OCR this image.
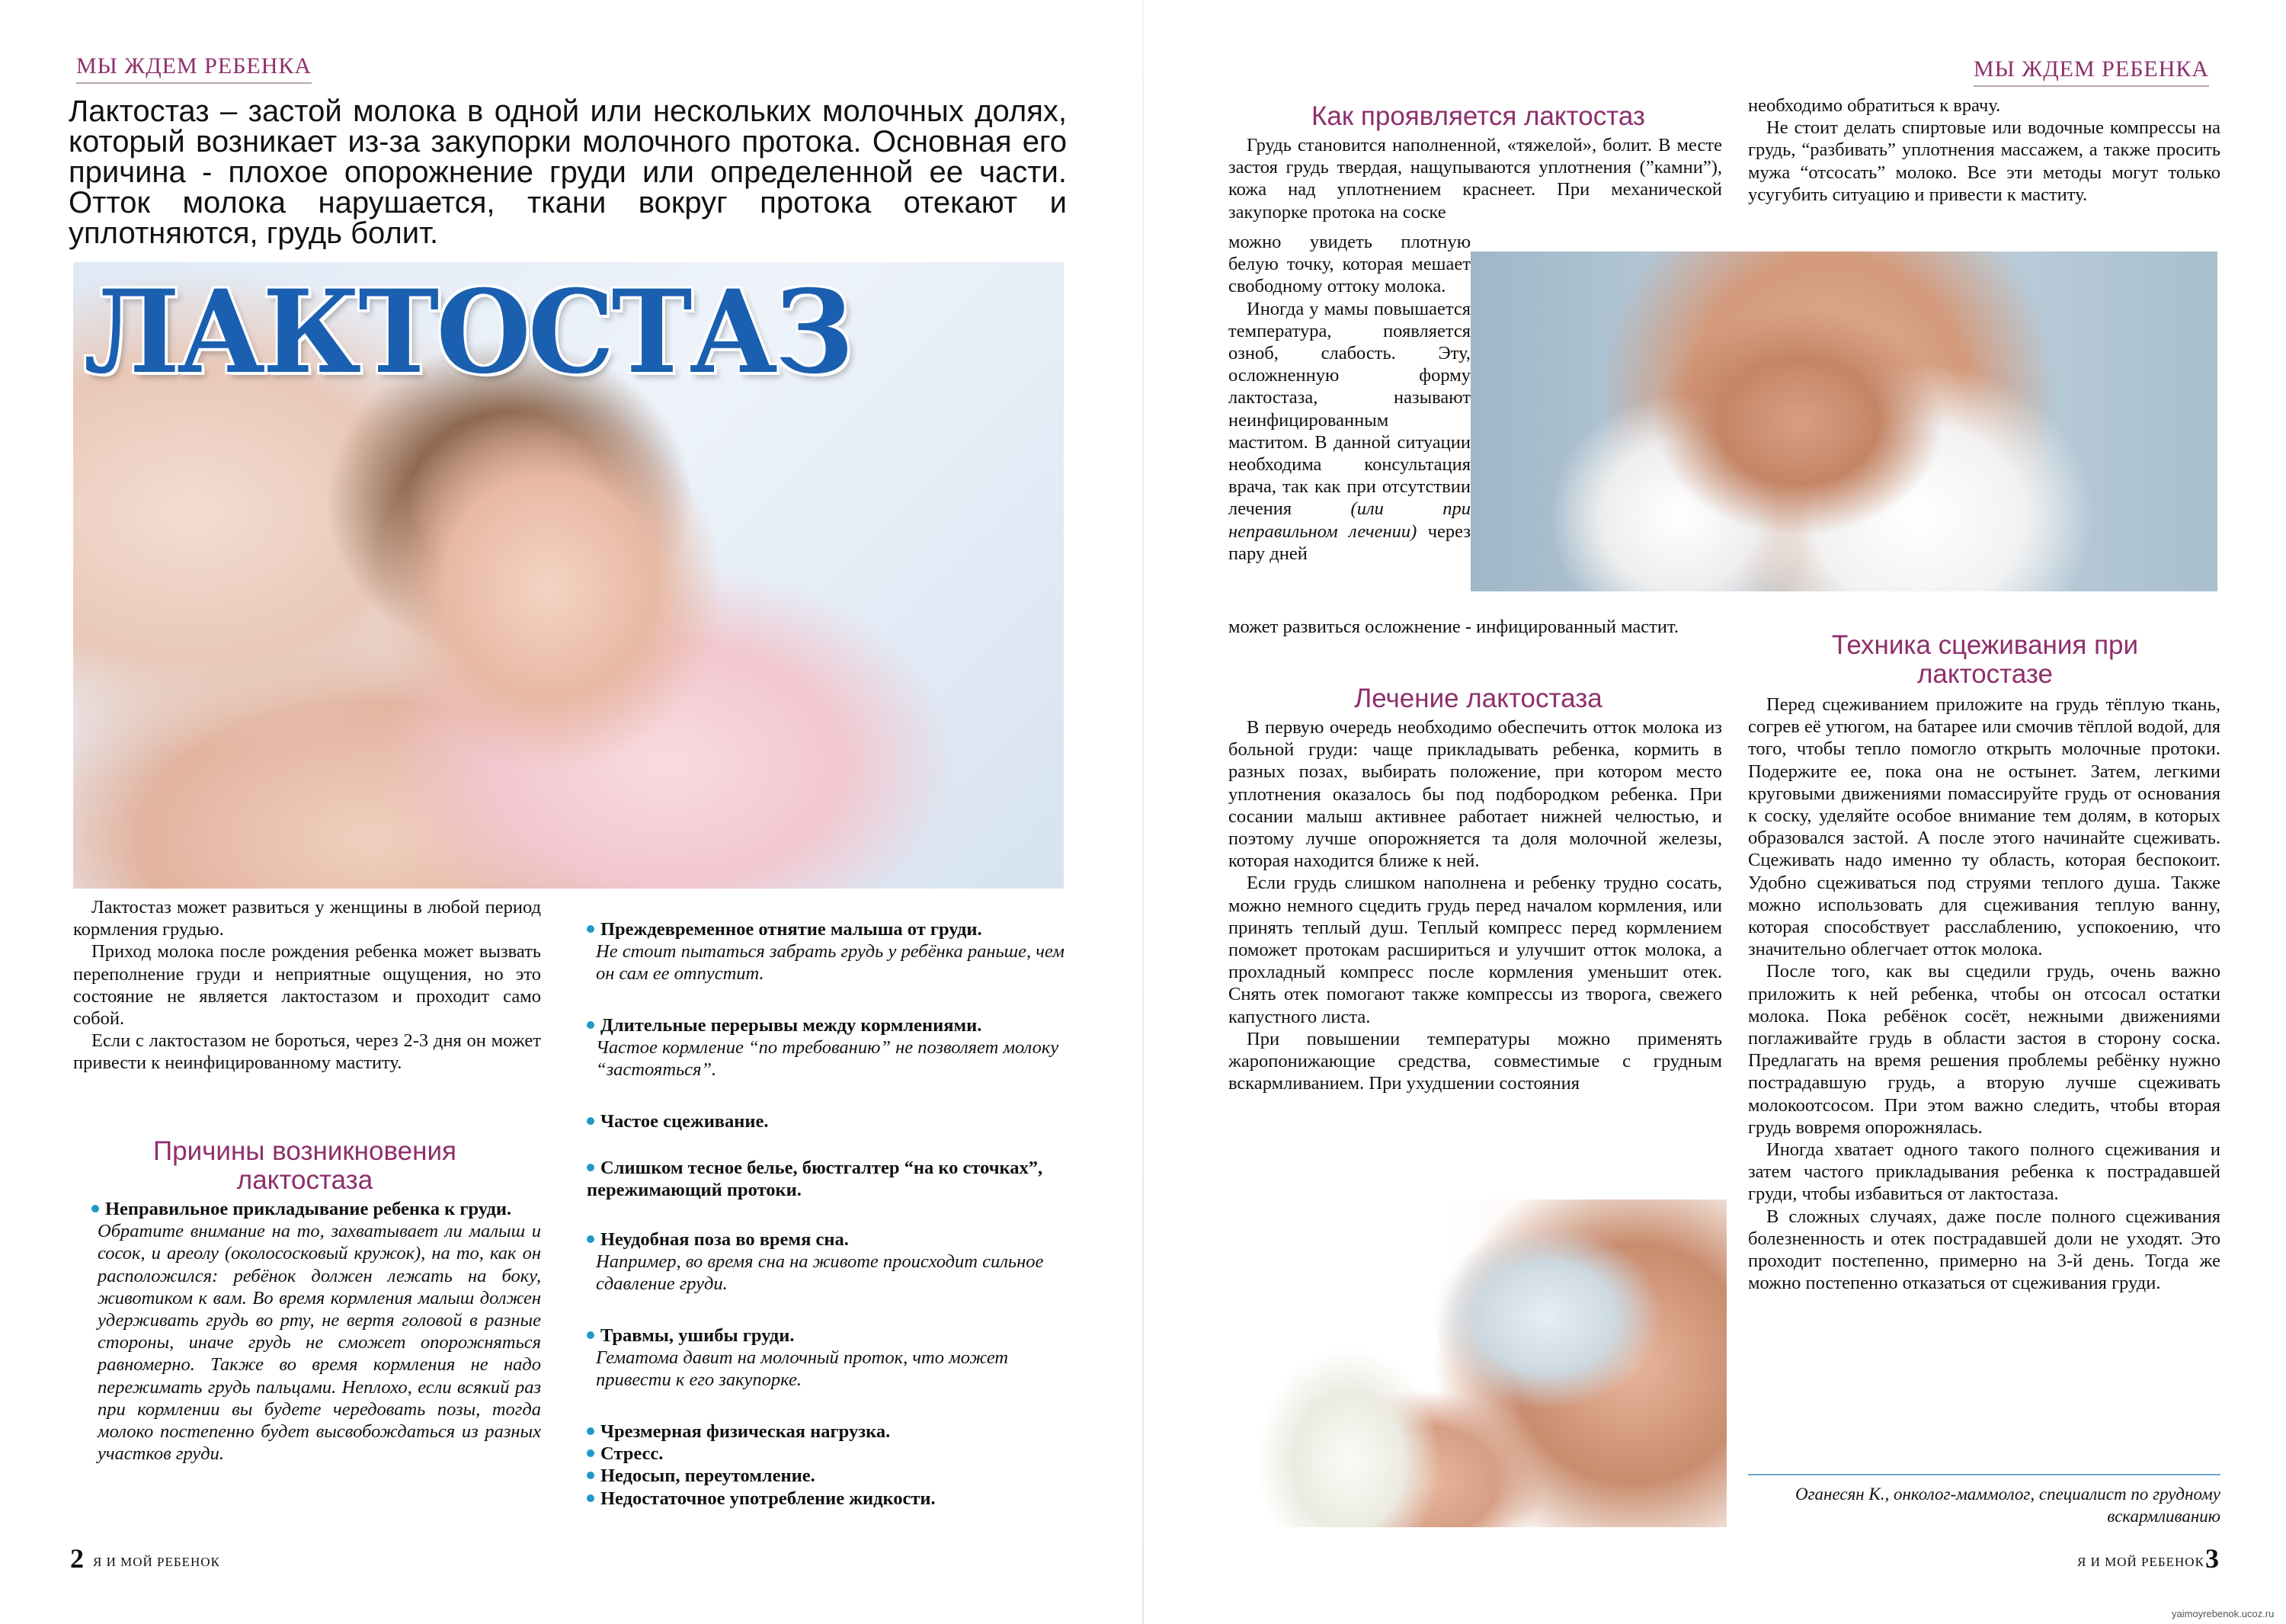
МЫ ЖДЕМ РЕБЕНКА	МЫ ЖДЕМ РЕБЕНКА
Лактостаз – застой молока в одной или нескольких молочных долях, который возникает из-за закупорки молочного протока. Основная его причина - плохое опорожнение груди или определенной ее части. Отток молока нарушается, ткани вокруг протока отекают и уплотняются, грудь болит.
ЛАКТОСТАЗ

Лактостаз может развиться у женщины в любой период кормления грудью.

Приход молока после рождения ребенка может вызвать переполнение груди и неприятные ощущения, но это состояние не является лактостазом и проходит само собой.

Если с лактостазом не бороться, через 2-3 дня он может привести к неинфицированному маститу.

Причины возникновения лактостаза
Неправильное прикладывание ребенка к груди.
Обратите внимание на то, захватывает ли малыш и сосок, и ареолу (околососковый кружок), на то, как он расположился: ребёнок должен лежать на боку, животиком к вам. Во время кормления малыш должен удерживать грудь во рту, не вертя головой в разные стороны, иначе грудь не сможет опорожняться равномерно. Также во время кормления не надо пережимать грудь пальцами. Неплохо, если всякий раз при кормлении вы будете чередовать позы, тогда молоко постепенно будет высвобождаться из разных участков груди.
Преждевременное отнятие малыша от груди.
Не стоит пытаться забрать грудь у ребёнка раньше, чем он сам ее отпустит.
Длительные перерывы между кормлениями.
Частое кормление “по требованию” не позволяет молоку “застояться”.
Частое сцеживание.
Слишком тесное белье, бюстгалтер “на ко сточках”, пережимающий протоки.
Неудобная поза во время сна.
Например, во время сна на животе происходит сильное сдавление груди.
Травмы, ушибы груди.
Гематома давит на молочный проток, что может привести к его закупорке.
Чрезмерная физическая нагрузка.
Стресс.
Недосып, переутомление.
Недостаточное употребление жидкости.
Как проявляется лактостаз

Грудь становится наполненной, «тяжелой», болит. В месте застоя грудь твердая, нащупываются уплотнения (”камни”), кожа над уплотнением краснеет. При механической закупорке протока на соске

можно увидеть плотную белую точку, которая мешает свободному оттоку молока.

Иногда у мамы повышается температура, появляется озноб, слабость. Эту, осложненную форму лактостаза, называют неинфицированным маститом. В данной ситуации необходима консультация врача, так как при отсутствии лечения	(или при неправильном лечении) через пару дней

может развиться осложнение - инфицированный мастит.

необходимо обратиться к врачу.

Не стоит делать спиртовые или водочные компрессы на грудь, “разбивать” уплотнения массажем, а также просить мужа “отсосать” молоко. Все эти методы могут только усугубить ситуацию и привести к маститу.

Лечение лактостаза

В первую очередь необходимо обеспечить отток молока из больной груди: чаще прикладывать ребенка, кормить в разных позах, выбирать положение, при котором место уплотнения оказалось бы под подбородком ребенка. При сосании малыш активнее работает нижней челюстью, и поэтому лучше опорожняется та доля молочной железы, которая находится ближе к ней.

Если грудь слишком наполнена и ребенку трудно сосать, можно немного сцедить грудь перед началом кормления, или принять теплый душ. Теплый компресс перед кормлением поможет протокам расшириться и улучшит отток молока, а прохладный компресс после кормления уменьшит отек. Снять отек помогают также компрессы из творога, свежего капустного листа.

При повышении температуры можно применять жаропонижающие средства, совместимые с грудным вскармливанием. При ухудшении состояния

Техника сцеживания при лактостазе

Перед сцеживанием приложите на грудь тёплую ткань, согрев её утюгом, на батарее или смочив тёплой водой, для того, чтобы тепло помогло открыть молочные протоки. Подержите ее, пока она не остынет. Затем, легкими круговыми движениями помассируйте грудь от основания к соску, уделяйте особое внимание тем долям, в которых образовался застой. А после этого начинайте сцеживать. Сцеживать надо именно ту область, которая беспокоит. Удобно сцеживаться под струями теплого душа. Также можно использовать для сцеживания теплую ванну, которая способствует расслаблению, успокоению, что значительно облегчает отток молока.

После того, как вы сцедили грудь, очень важно приложить к ней ребенка, чтобы он отсосал остатки молока. Пока ребёнок сосёт, нежными движениями поглаживайте грудь в области застоя в сторону соска. Предлагать на время решения проблемы ребёнку нужно пострадавшую грудь, а вторую лучше сцеживать молокоотсосом. При этом важно следить, чтобы вторая грудь вовремя опорожнялась.

Иногда хватает одного такого полного сцеживания и затем частого прикладывания ребенка к пострадавшей груди, чтобы избавиться от лактостаза.

В сложных случаях, даже после полного сцеживания болезненность и отек пострадавшей доли не уходят. Это проходит постепенно, примерно на 3-й день. Тогда же можно постепенно отказаться от сцеживания груди.

Оганесян К., онколог-маммолог, специалист по грудному вскармливанию
2 Я И МОЙ РЕБЕНОК	Я И МОЙ РЕБЕНОК 3
yaimoyrebenok.ucoz.ru
